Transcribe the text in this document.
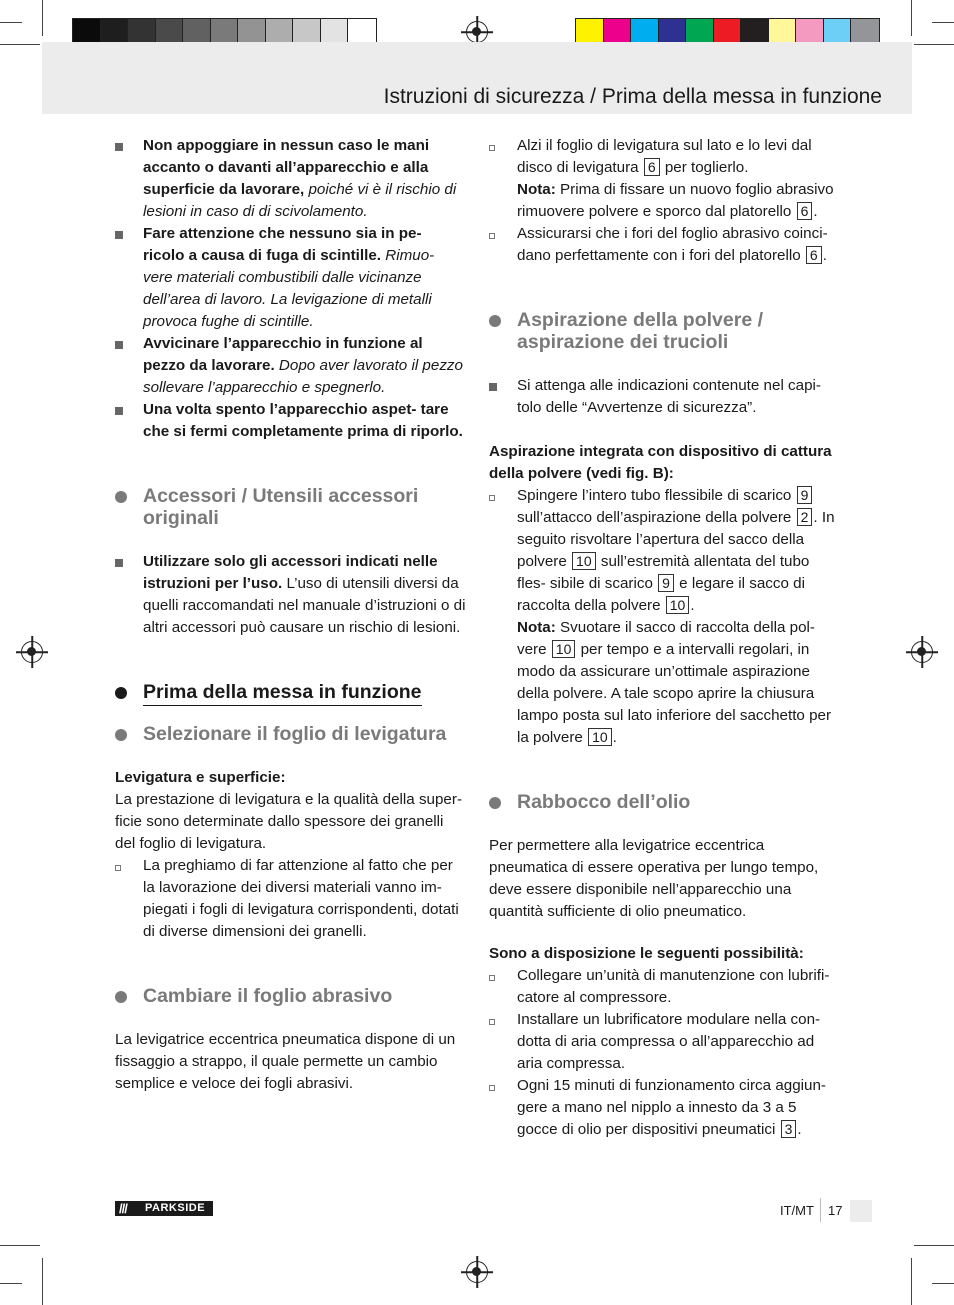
Istruzioni di sicurezza / Prima della messa in funzione
Non appoggiare in nessun caso le mani accanto o davanti all’apparecchio e alla superficie da lavorare, poiché vi è il rischio di lesioni in caso di di scivolamento.
Fare attenzione che nessuno sia in pe- ricolo a causa di fuga di scintille. Rimuo- vere materiali combustibili dalle vicinanze dell’area di lavoro. La levigazione di metalli provoca fughe di scintille.
Avvicinare l’apparecchio in funzione al pezzo da lavorare. Dopo aver lavorato il pezzo sollevare l’apparecchio e spegnerlo.
Una volta spento l’apparecchio aspet- tare che si fermi completamente prima di riporlo.
Accessori / Utensili accessori originali
Utilizzare solo gli accessori indicati nelle istruzioni per l’uso. L’uso di utensili diversi da quelli raccomandati nel manuale d’istruzioni o di altri accessori può causare un rischio di lesioni.
Prima della messa in funzione
Selezionare il foglio di levigatura
Levigatura e superficie:
La prestazione di levigatura e la qualità della super- ficie sono determinate dallo spessore dei granelli del foglio di levigatura.
La preghiamo di far attenzione al fatto che per la lavorazione dei diversi materiali vanno im- piegati i fogli di levigatura corrispondenti, dotati di diverse dimensioni dei granelli.
Cambiare il foglio abrasivo
La levigatrice eccentrica pneumatica dispone di un fissaggio a strappo, il quale permette un cambio semplice e veloce dei fogli abrasivi.
Alzi il foglio di levigatura sul lato e lo levi dal disco di levigatura 6 per toglierlo.
Nota: Prima di fissare un nuovo foglio abrasivo rimuovere polvere e sporco dal platorello 6 .
Assicurarsi che i fori del foglio abrasivo coinci- dano perfettamente con i fori del platorello 6 .
Aspirazione della polvere / aspirazione dei trucioli
Si attenga alle indicazioni contenute nel capi- tolo delle “Avvertenze di sicurezza”.
Aspirazione integrata con dispositivo di cattura della polvere (vedi fig. B):
Spingere l’intero tubo flessibile di scarico 9 sull’attacco dell’aspirazione della polvere 2 . In seguito risvoltare l’apertura del sacco della polvere 10 sull’estremità allentata del tubo fles- sibile di scarico 9 e legare il sacco di raccolta della polvere 10 .
Nota: Svuotare il sacco di raccolta della pol- vere 10 per tempo e a intervalli regolari, in modo da assicurare un’ottimale aspirazione della polvere. A tale scopo aprire la chiusura lampo posta sul lato inferiore del sacchetto per la polvere 10 .
Rabbocco dell’olio
Per permettere alla levigatrice eccentrica pneumatica di essere operativa per lungo tempo, deve essere disponibile nell’apparecchio una quantità sufficiente di olio pneumatico.
Sono a disposizione le seguenti possibilità:
Collegare un’unità di manutenzione con lubrifi- catore al compressore.
Installare un lubrificatore modulare nella con- dotta di aria compressa o all’apparecchio ad aria compressa.
Ogni 15 minuti di funzionamento circa aggiun- gere a mano nel nipplo a innesto da 3 a 5 gocce di olio per dispositivi pneumatici 3 .
/// PARKSIDE	IT/MT 17
